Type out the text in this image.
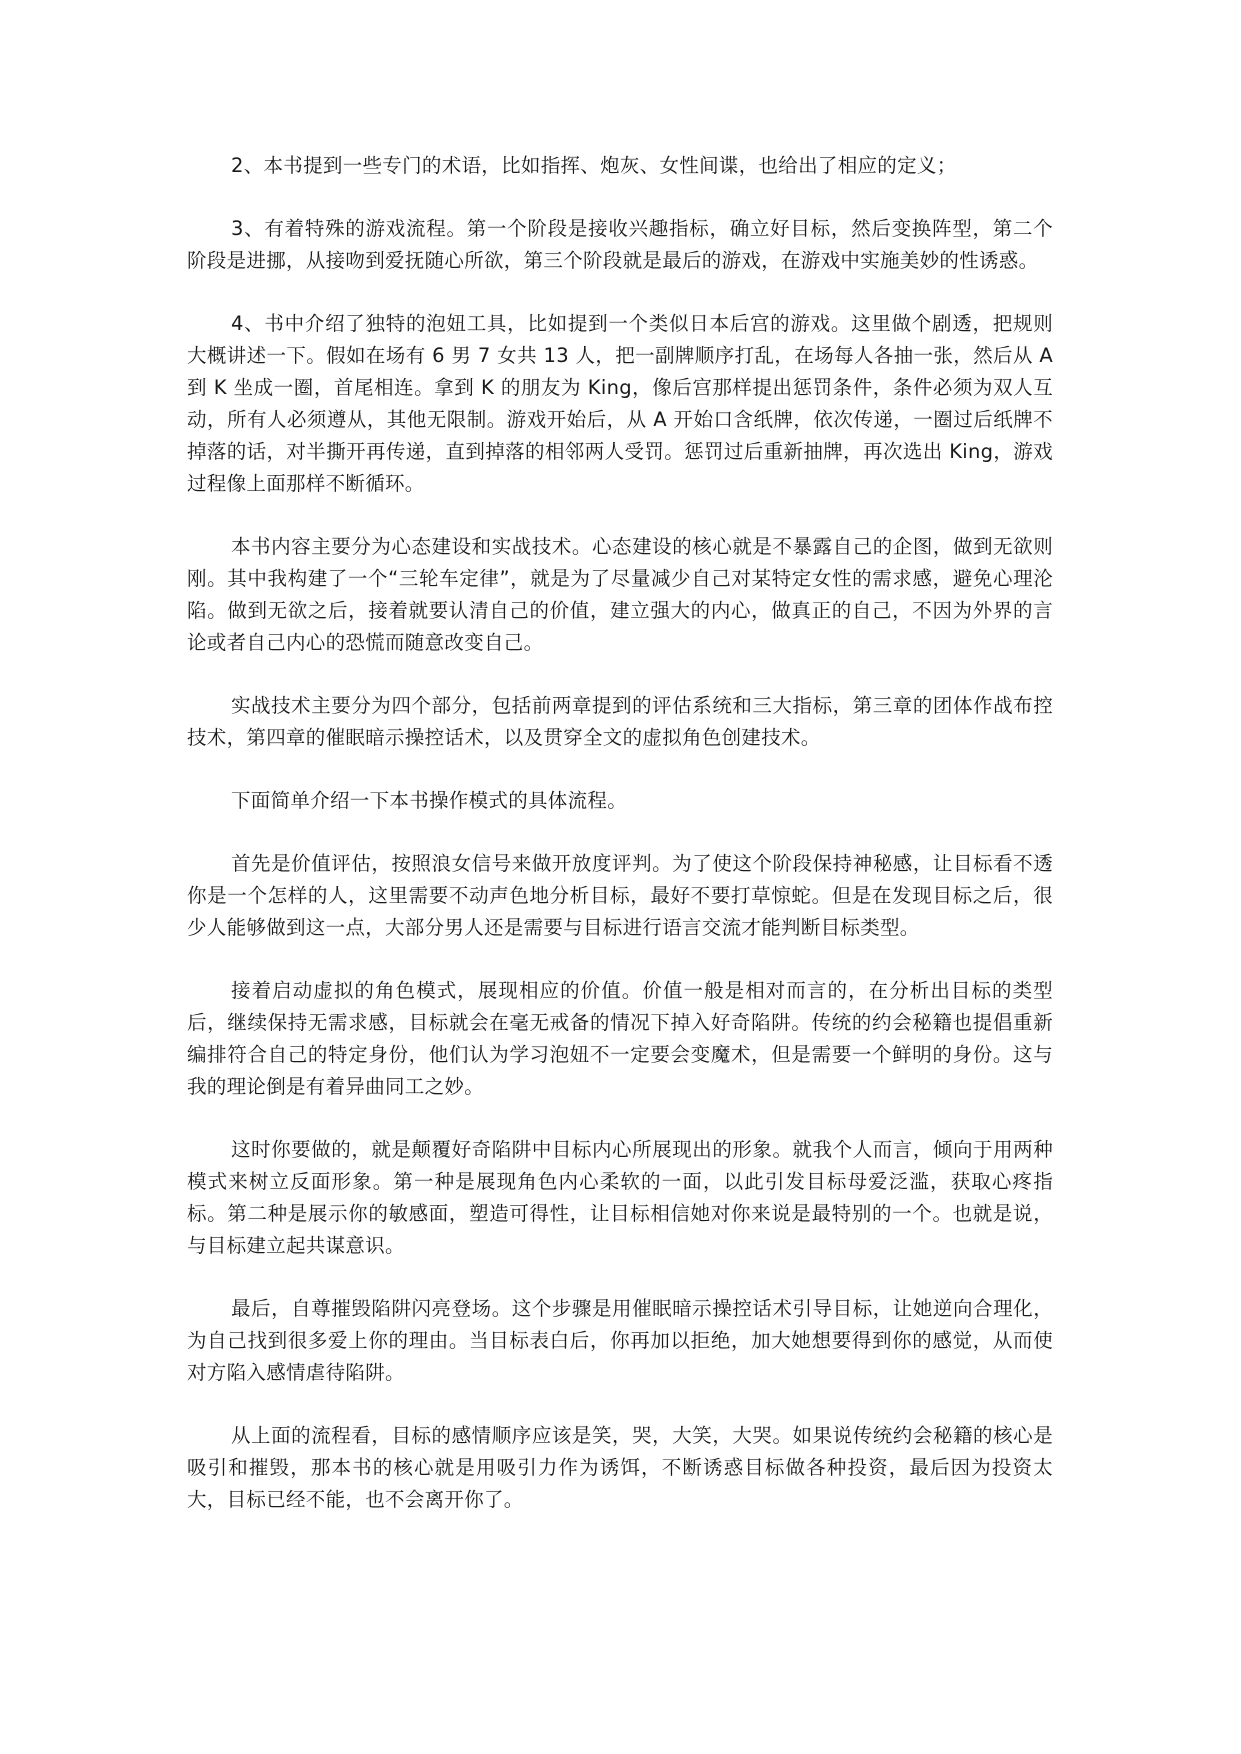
2、本书提到一些专门的术语，比如指挥、炮灰、女性间谍，也给出了相应的定义；

3、有着特殊的游戏流程。第一个阶段是接收兴趣指标，确立好目标，然后变换阵型，第二个阶段是进挪，从接吻到爱抚随心所欲，第三个阶段就是最后的游戏，在游戏中实施美妙的性诱惑。

4、书中介绍了独特的泡妞工具，比如提到一个类似日本后宫的游戏。这里做个剧透，把规则大概讲述一下。假如在场有 6 男 7 女共 13 人，把一副牌顺序打乱，在场每人各抽一张，然后从 A 到 K 坐成一圈，首尾相连。拿到 K 的朋友为 King，像后宫那样提出惩罚条件，条件必须为双人互动，所有人必须遵从，其他无限制。游戏开始后，从 A 开始口含纸牌，依次传递，一圈过后纸牌不掉落的话，对半撕开再传递，直到掉落的相邻两人受罚。惩罚过后重新抽牌，再次选出 King，游戏过程像上面那样不断循环。

本书内容主要分为心态建设和实战技术。心态建设的核心就是不暴露自己的企图，做到无欲则刚。其中我构建了一个“三轮车定律”，就是为了尽量减少自己对某特定女性的需求感，避免心理沦陷。做到无欲之后，接着就要认清自己的价值，建立强大的内心，做真正的自己，不因为外界的言论或者自己内心的恐慌而随意改变自己。

实战技术主要分为四个部分，包括前两章提到的评估系统和三大指标，第三章的团体作战布控技术，第四章的催眠暗示操控话术，以及贯穿全文的虚拟角色创建技术。

下面简单介绍一下本书操作模式的具体流程。

首先是价值评估，按照浪女信号来做开放度评判。为了使这个阶段保持神秘感，让目标看不透你是一个怎样的人，这里需要不动声色地分析目标，最好不要打草惊蛇。但是在发现目标之后，很少人能够做到这一点，大部分男人还是需要与目标进行语言交流才能判断目标类型。

接着启动虚拟的角色模式，展现相应的价值。价值一般是相对而言的，在分析出目标的类型后，继续保持无需求感，目标就会在毫无戒备的情况下掉入好奇陷阱。传统的约会秘籍也提倡重新编排符合自己的特定身份，他们认为学习泡妞不一定要会变魔术，但是需要一个鲜明的身份。这与我的理论倒是有着异曲同工之妙。

这时你要做的，就是颠覆好奇陷阱中目标内心所展现出的形象。就我个人而言，倾向于用两种模式来树立反面形象。第一种是展现角色内心柔软的一面，以此引发目标母爱泛滥，获取心疼指标。第二种是展示你的敏感面，塑造可得性，让目标相信她对你来说是最特别的一个。也就是说，与目标建立起共谋意识。

最后，自尊摧毁陷阱闪亮登场。这个步骤是用催眠暗示操控话术引导目标，让她逆向合理化，为自己找到很多爱上你的理由。当目标表白后，你再加以拒绝，加大她想要得到你的感觉，从而使对方陷入感情虐待陷阱。

从上面的流程看，目标的感情顺序应该是笑，哭，大笑，大哭。如果说传统约会秘籍的核心是吸引和摧毁，那本书的核心就是用吸引力作为诱饵，不断诱惑目标做各种投资，最后因为投资太大，目标已经不能，也不会离开你了。
